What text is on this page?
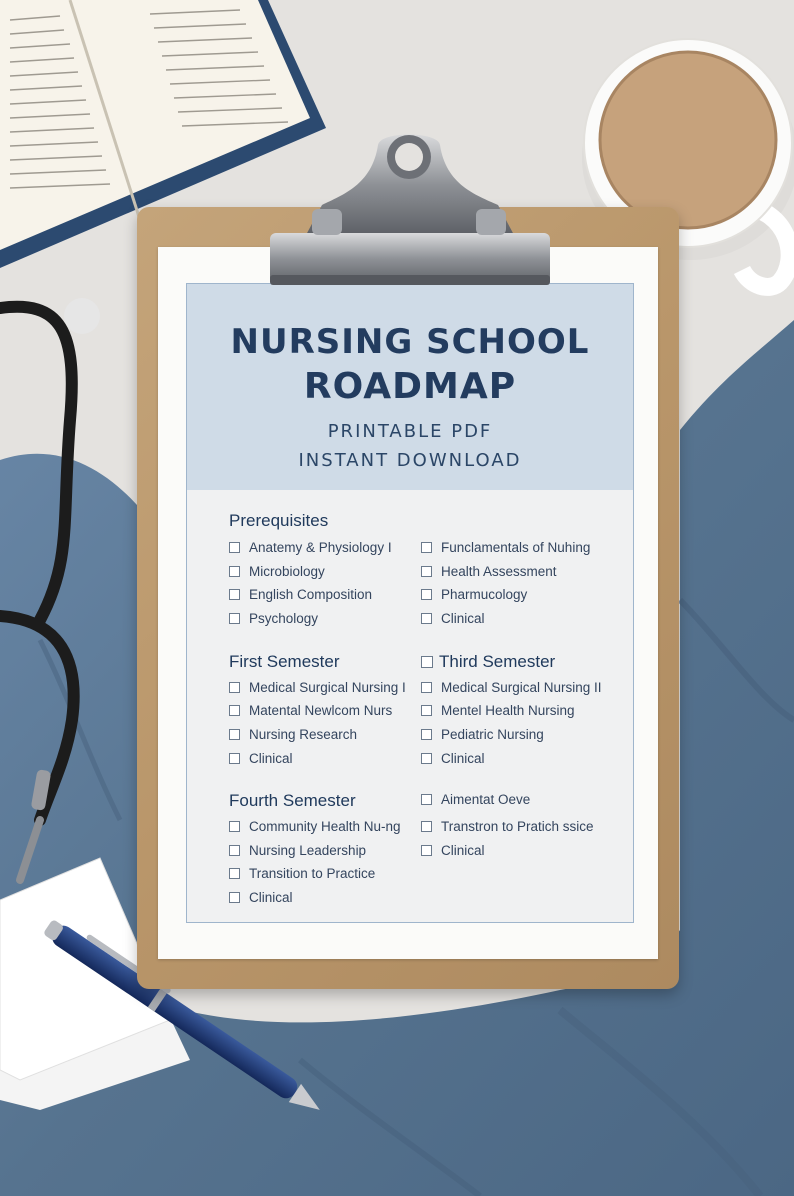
NURSING SCHOOL
ROADMAP
PRINTABLE PDF
INSTANT DOWNLOAD
Prerequisites
Anatemy & Physiology I
Microbiology
English Composition
Psychology
Funclamentals of Nuhing
Health Assessment
Pharmucology
Clinical
First Semester
Medical Surgical Nursing I
Matental Newlcom Nurs
Nursing Research
Clinical
Third Semester
Medical Surgical Nursing II
Mentel Health Nursing
Pediatric Nursing
Clinical
Fourth Semester
Community Health Nu-ng
Nursing Leadership
Transition to Practice
Clinical
Aimentat Oeve
Transtron to Pratich ssice
Clinical
